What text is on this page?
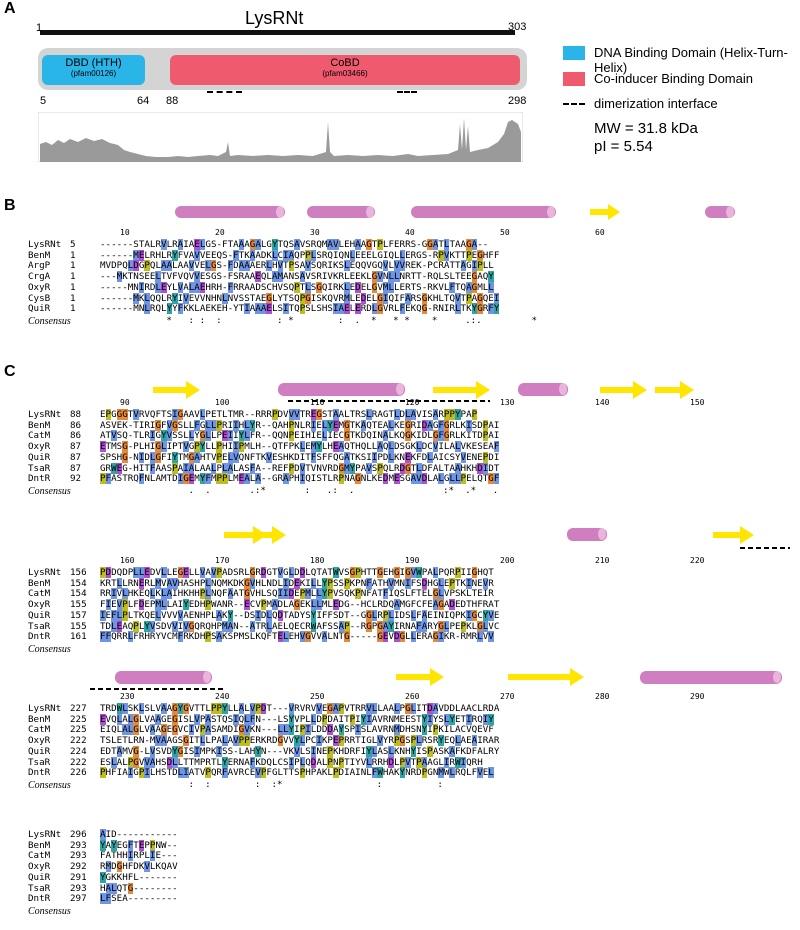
A	LysRNt
1	303
DBD (HTH)
(pfam00126)
CoBD
(pfam03466)
5	64 88	298
DNA Binding Domain (Helix-Turn-Helix)
Co-inducer Binding Domain
dimerization interface
MW = 31.8 kDa
pI = 5.54
B
10	20	30	40	50	60
LysRNt 5	------STALRVLRAIAELGS-FTAAAGALGYTQSAVSRQMAVLEHAAGTPLFERRS-GGATLTAAGA--
BenM 1	------MELRHLRYFVAVVEEQS-FTKAADKLCIAQPPLSRQIQNLEEELGIQLLERGS-RPVKTTPEGHFF
ArgP 1	MVDPQLDGPQLAALAAVVELGS-FDAAAERLHVTPSAVSQRIKSLEQQVGQVLVVREK-PCRATTAGIPLL
CrgA 1	---MKTNSEELTVFVQVVESGS-FSRAAEQLAMANSAVSRIVKRLEEKLGVNLLNRTT-RQLSLTEEGAQY
OxyR 1	-----MNIRDLEYLVALAEHRH-FRRAADSCHVSQPTLSGQIRKLEDELGVMLLERTS-RKVLFTQAGMLL
CysB 1	------MKLQQLRYIVEVVNHNLNVSSTAEGLYTSQPGISKQVRMLEDELGIQIFARSGKHLTQVTPAGQEI
QuiR 1	------MNLRQLYYFKKLAEKEH-YTIAAAELSITQPSLSHSIAELERDLGVRLFEKQG-RNIRLTKYGRFY
Consensus	*   : :  :          : *        :  .  *   * *    *     .:.         *
C
90	100	110	120	130	140	150
LysRNt 88 EPGGGTVRVQFTSIGAAVLPETLTMR--RRRPDVVVTREGSTAALTRSLRAGTLDLAVISARPPYPAP
BenM 86 ASVEK-TIRIGFVGSLLFGLLPRIIHLYR--QAHPNLRIELYEMGTKAQTEALKEGRIDAGFGRLKISDPAI
CatM 86 ATVSQ-TLRIGYVSSLLYGLLPEIIYLFR--QQNPEIHIELIECGTKDQINALKQGKIDLGFGRLKITDPAI
OxyR 87 ETMSG-PLHIGLIPTVGPYLLPHIIPMLH--QTFPKLEMYLHEAQTHQLLAQLDSGKLDCVILALVKESEAF
QuiR 87 SPSHG-NIDLGFIYTMGAHTVPELVQNFTKVESHKDITFSFFQGATKSIIPDLKNEKFDLAICSYVENEPDI
TsaR 87 GRWEG-HITFAASPAIALAALPLALASFA--REFPDVTVNVRDGMYPAVSPQLRDGTLDFALTAAHKHDIDT
DntR 92 PFASTRQFNLAMTDIGEMYFMPPLMEALA--GRAPHIQISTLRPNAGNLKEDMESGAVDLALGLLPELQTGF
Consensus	.  .       .:*       :   .:  .                :*  .*   .
160	170	180	190	200	210	220
LysRNt 156 PDDQDPLLEDVLLEGELLVAVPADSRLGRDGTVGLDDLQTATWVSGPHTTGEHGIGVWPALPQRPIIGHQT
BenM 154 KRTLLRNERLMVAVHASHPLNQMKDKGVHLNDLIDEKILLYPSSPKPNFATHVMNIFSDHGLEPTKINEVR
CatM 154 RRIVLHKEQLKLAIHKHHPLNQFAATGVHLSQIIDEPMLLYPVSQKPNFATFIQSLFTELGLVPSKLTEIR
OxyR 155 FIEVPLFDEPMLLAIYEDHPWANR--ECVPMADLAGEKLLMLEDG--HCLRDQAMGFCFEAGADEDTHFRAT
QuiR 157 IEFLPLTKQELVVVVAENHPLAKY--DSIDLQDTADYSYIFFSDT--GGLRPLIDSLFAEINIQPKIGCYVE
TsaR 155 TDLEAQPLYVSDVVIVGQRQHPMAN--ATRLAELQECRWAFSSAP--RGPGAYIRNAFARYGLPEPKLGLVC
DntR 161 FFQRRLFRHRYVCMFRKDHPSAKSPMSLKQFTELEHVGVVALNTG-----GEVDGLLERAGIKR-RMRLVV
Consensus
230	240	250	260	270	280	290
LysRNt 227 TRDWLSKLSLVAAGYGVTTLPPYLLALVPDT---VRVRVVEGAPVTRRVLLAALPGLITDAVDDLAACLRDA
BenM 225 EVQLALGLVAAGEGISLVPASTQSIQLFN---LSYVPLLDPDAITPIYIAVRNMEESTYIYSLYETIRQIY
CatM 225 EIQLALGLVAAGEGVCIVPASAMDIGVKN---LLYIPILDDDAYSPISLAVRNMDHSNYIPKILACVQEVF
OxyR 222 TSLETLRN-MVAAGSGITLLPALAVPPERKRDGVVYLPCIKPEPRRTIGLVYRPGSPLRSRYEQLAEAIRAR
QuiR 224 EDTAMVG-LVSVDYGISIMPKISS-LAHYN---VKVLSINEPKHDRFIYLASLKNHYISPASKAFKDFALRY
TsaR 222 ESLALPGVVAHSDLLTTMPRTLYERNAFKDQLCSIPLQDALPNPTIYVLRRHDLPVTPAAGLIRWIQRH
DntR 226 PHFIAIGPILHSTDLIATVPQRFAVRCEVPFGLTTSPHPAKLPDIAINLFWHAKYNRDPGNMWLRQLFVEL
Consensus	:  :        :  :*                 :          :
LysRNt 296 AID-----------
BenM 293 YAYEGFTEPPNW--
CatM 293 FATHHIRPLIE---
OxyR 292 RMDGHFDKVLKQAV
QuiR 291 YGKKHFL-------
TsaR 293 HALQTG--------
DntR 297 LFSEA---------
Consensus
